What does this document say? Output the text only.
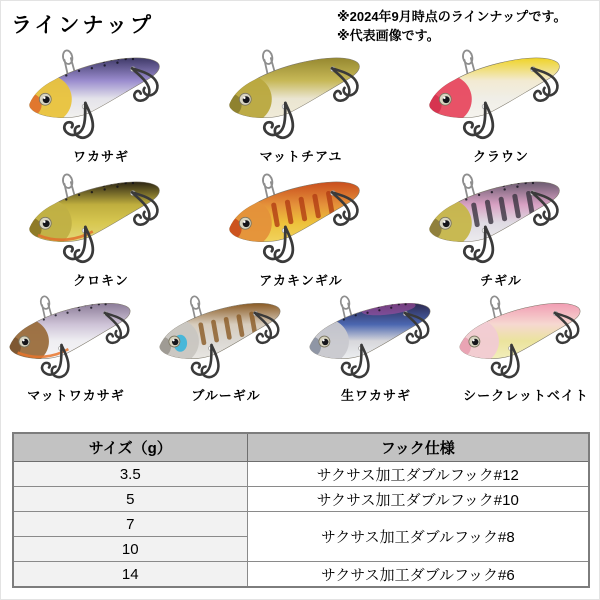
ラインナップ	※2024年9月時点のラインナップです。
※代表画像です。
ワカサギ	マットチアユ	クラウン
クロキン	アカキンギル	チギル
マットワカサギ	ブルーギル	生ワカサギ	シークレットベイト
サイズ（g）	フック仕様
3.5	サクサス加工ダブルフック#12
5	サクサス加工ダブルフック#10
7	サクサス加工ダブルフック#8
10	
14	サクサス加工ダブルフック#6
